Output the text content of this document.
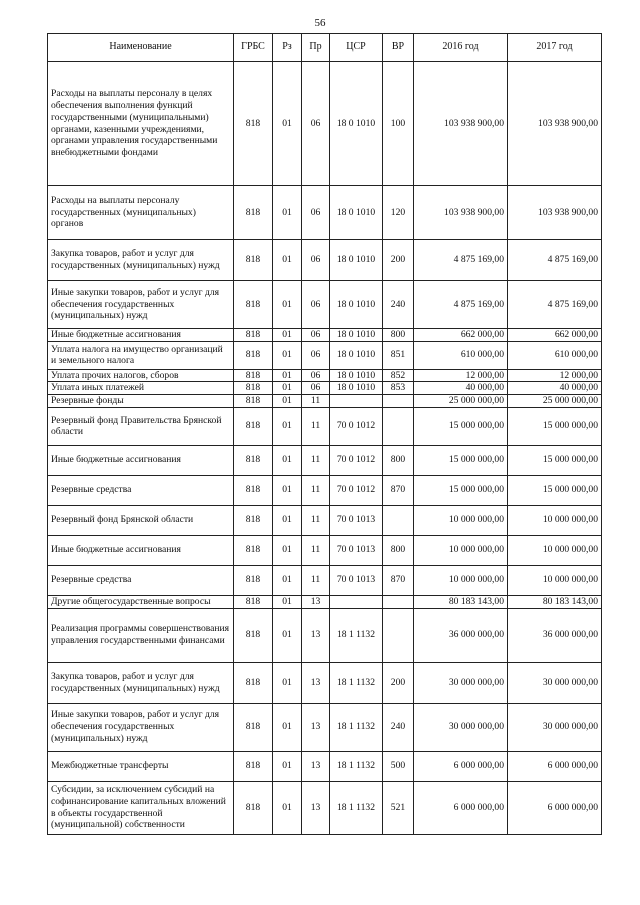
56
Наименование	ГРБС	Рз	Пр	ЦСР	ВР	2016 год	2017 год
Расходы на выплаты персоналу в целях обеспечения выполнения функций государственными (муниципальными) органами, казенными учреждениями, органами управления государственными внебюджетными фондами	818	01	06	18 0 1010	100	103 938 900,00	103 938 900,00
Расходы на выплаты персоналу государственных (муниципальных) органов	818	01	06	18 0 1010	120	103 938 900,00	103 938 900,00
Закупка товаров, работ и услуг для государственных (муниципальных) нужд	818	01	06	18 0 1010	200	4 875 169,00	4 875 169,00
Иные закупки товаров, работ и услуг для обеспечения государственных (муниципальных) нужд	818	01	06	18 0 1010	240	4 875 169,00	4 875 169,00
Иные бюджетные ассигнования	818	01	06	18 0 1010	800	662 000,00	662 000,00
Уплата налога на имущество организаций и земельного налога	818	01	06	18 0 1010	851	610 000,00	610 000,00
Уплата прочих налогов, сборов	818	01	06	18 0 1010	852	12 000,00	12 000,00
Уплата иных платежей	818	01	06	18 0 1010	853	40 000,00	40 000,00
Резервные фонды	818	01	11			25 000 000,00	25 000 000,00
Резервный фонд Правительства Брянской области	818	01	11	70 0 1012		15 000 000,00	15 000 000,00
Иные бюджетные ассигнования	818	01	11	70 0 1012	800	15 000 000,00	15 000 000,00
Резервные средства	818	01	11	70 0 1012	870	15 000 000,00	15 000 000,00
Резервный фонд Брянской области	818	01	11	70 0 1013		10 000 000,00	10 000 000,00
Иные бюджетные ассигнования	818	01	11	70 0 1013	800	10 000 000,00	10 000 000,00
Резервные средства	818	01	11	70 0 1013	870	10 000 000,00	10 000 000,00
Другие общегосударственные вопросы	818	01	13			80 183 143,00	80 183 143,00
Реализация программы совершенствования управления государственными финансами	818	01	13	18 1 1132		36 000 000,00	36 000 000,00
Закупка товаров, работ и услуг для государственных (муниципальных) нужд	818	01	13	18 1 1132	200	30 000 000,00	30 000 000,00
Иные закупки товаров, работ и услуг для обеспечения государственных (муниципальных) нужд	818	01	13	18 1 1132	240	30 000 000,00	30 000 000,00
Межбюджетные трансферты	818	01	13	18 1 1132	500	6 000 000,00	6 000 000,00
Субсидии, за исключением субсидий на софинансирование капитальных вложений в объекты государственной (муниципальной) собственности	818	01	13	18 1 1132	521	6 000 000,00	6 000 000,00
